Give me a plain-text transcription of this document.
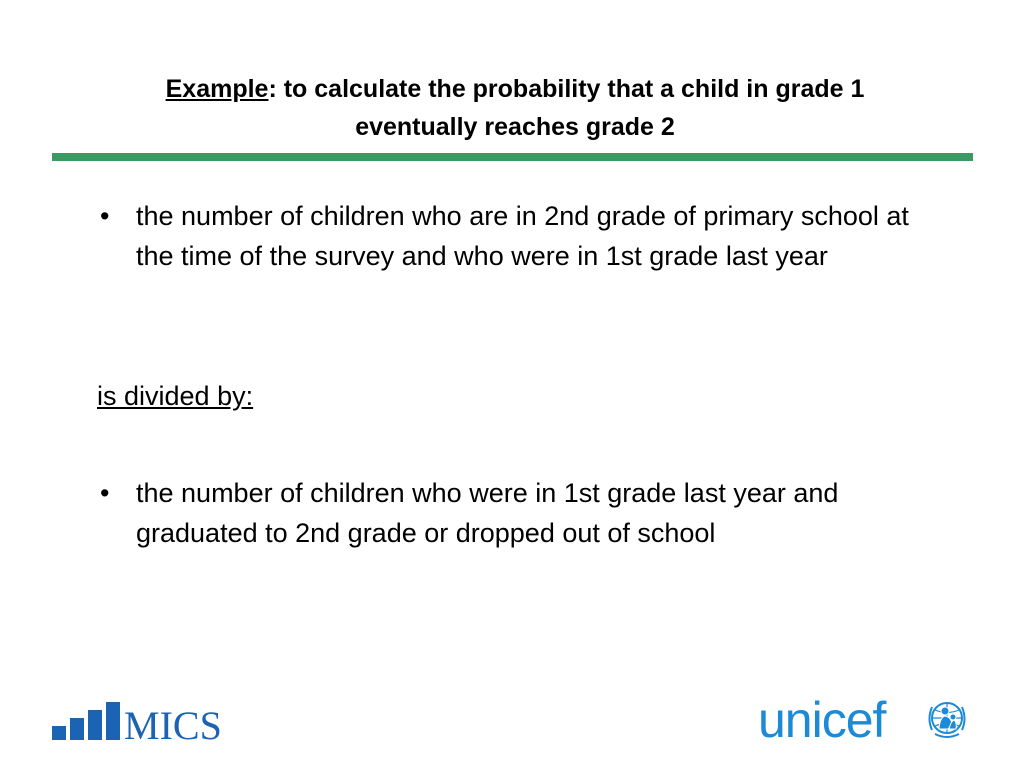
Example: to calculate the probability that a child in grade 1
eventually reaches grade 2
• the number of children who are in 2nd grade of primary school at the time of the survey and who were in 1st grade last year
is divided by:
• the number of children who were in 1st grade last year and graduated to 2nd grade or dropped out of school
MICS	unicef
